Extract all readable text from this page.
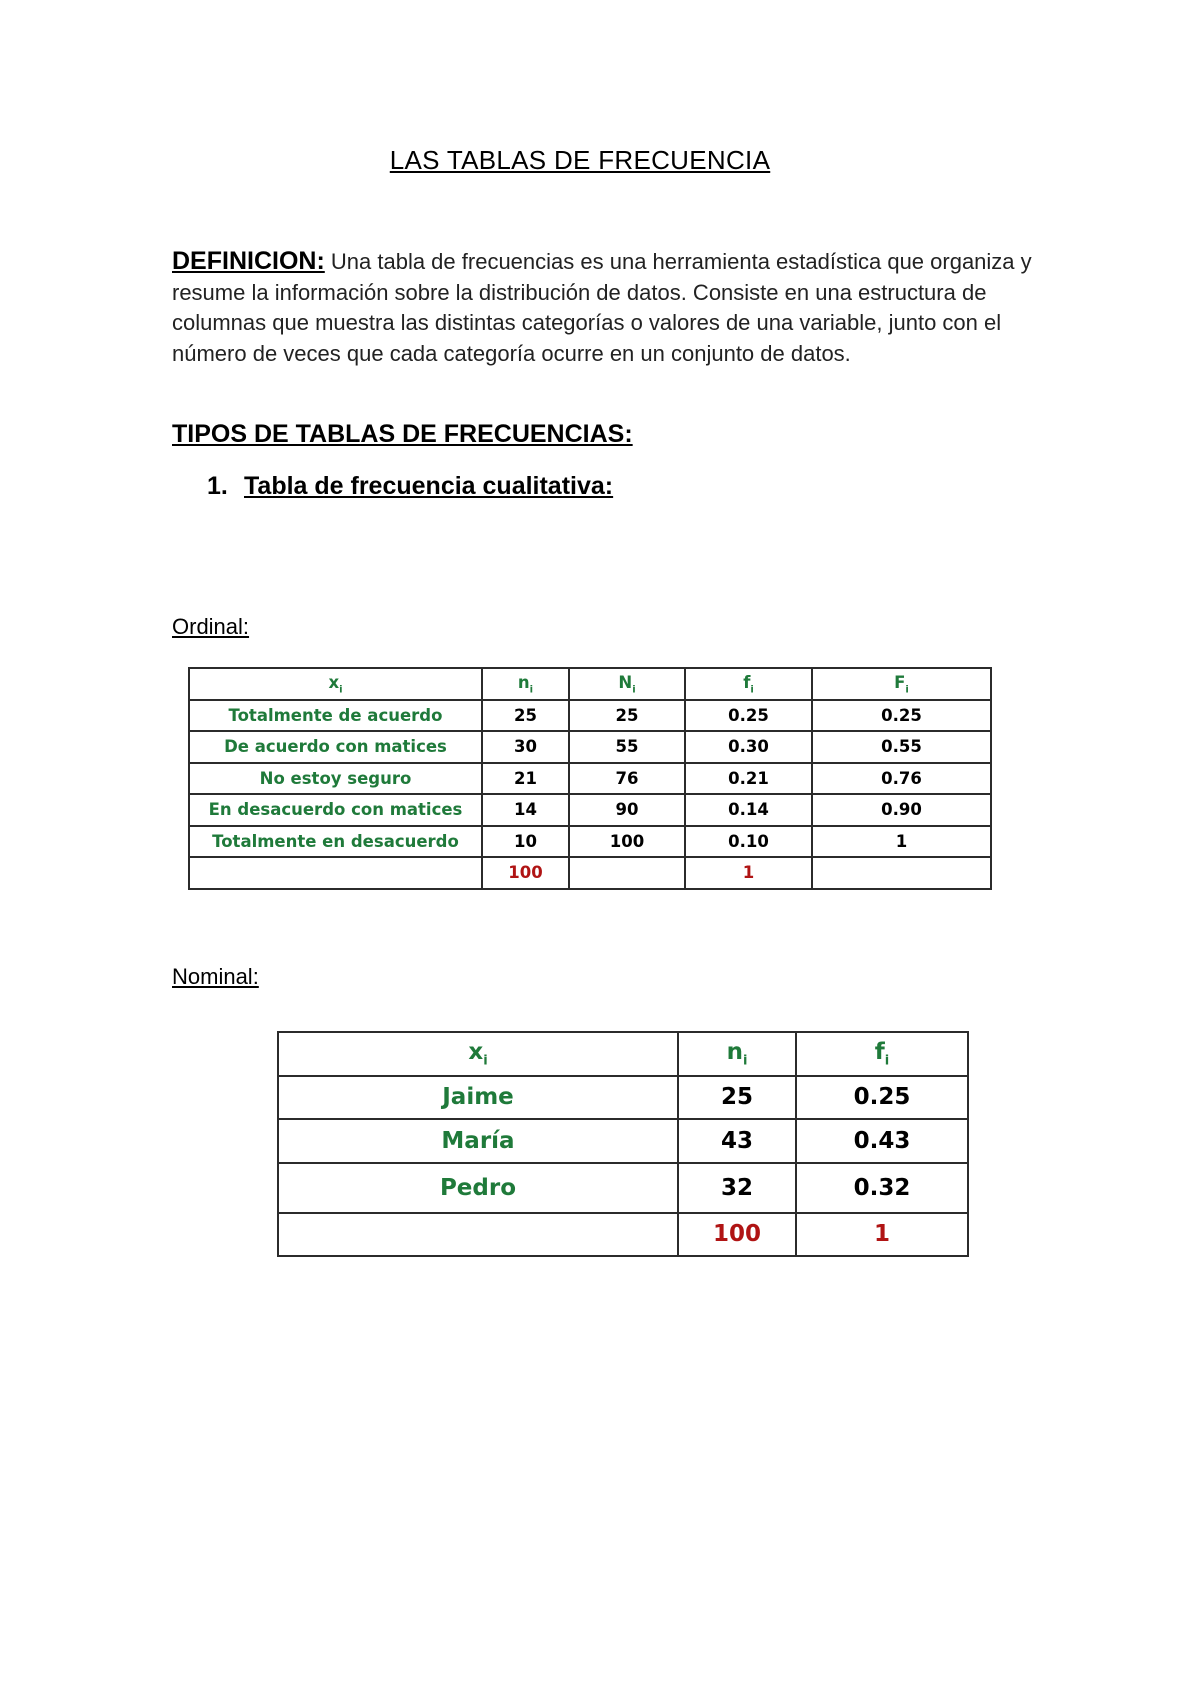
LAS TABLAS DE FRECUENCIA
DEFINICION: Una tabla de frecuencias es una herramienta estadística que organiza y resume la información sobre la distribución de datos. Consiste en una estructura de columnas que muestra las distintas categorías o valores de una variable, junto con el número de veces que cada categoría ocurre en un conjunto de datos.
TIPOS DE TABLAS DE FRECUENCIAS:
1. Tabla de frecuencia cualitativa:
Ordinal:
$x_i$	$n_i$	$N_i$	$f_i$	$F_i$
Totalmente de acuerdo	25	25	0.25	0.25
De acuerdo con matices	30	55	0.30	0.55
No estoy seguro	21	76	0.21	0.76
En desacuerdo con matices	14	90	0.14	0.90
Totalmente en desacuerdo	10	100	0.10	1
	100		1	
Nominal:
$x_i$	$n_i$	$f_i$
Jaime	25	0.25
María	43	0.43
Pedro	32	0.32
	100	1
